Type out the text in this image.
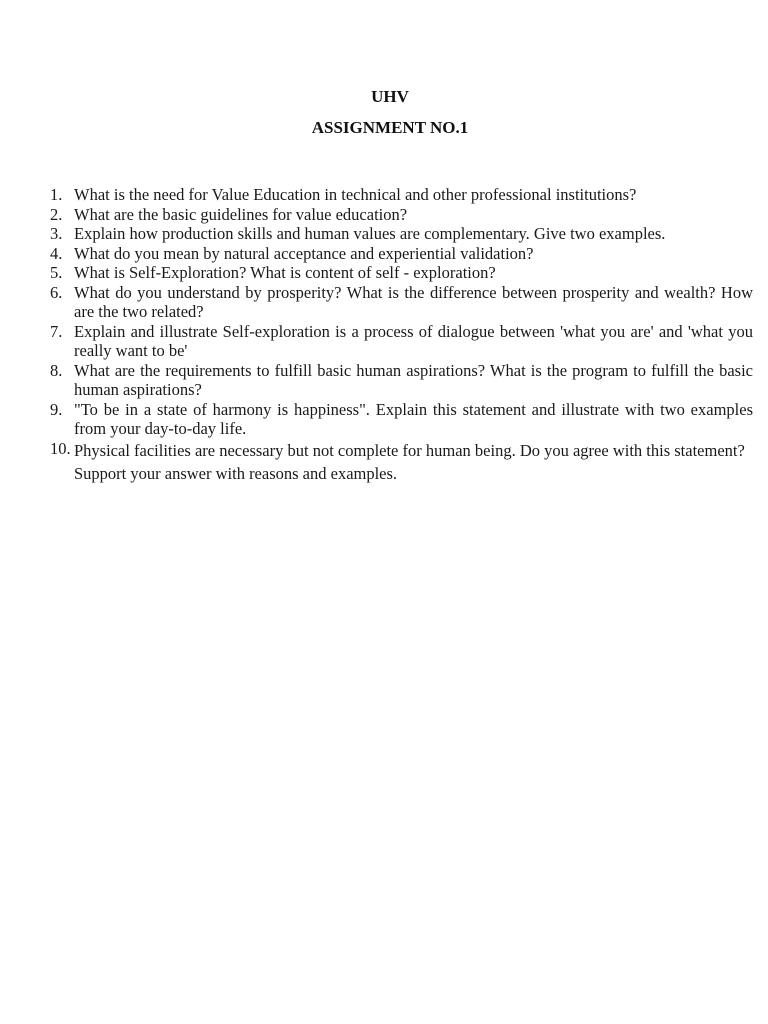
UHV
ASSIGNMENT NO.1
1. What is the need for Value Education in technical and other professional institutions?
2. What are the basic guidelines for value education?
3. Explain how production skills and human values are complementary. Give two examples.
4. What do you mean by natural acceptance and experiential validation?
5. What is Self-Exploration? What is content of self - exploration?
6. What do you understand by prosperity? What is the difference between prosperity and wealth? How are the two related?
7. Explain and illustrate Self-exploration is a process of dialogue between 'what you are' and 'what you really want to be'
8. What are the requirements to fulfill basic human aspirations? What is the program to fulfill the basic human aspirations?
9. "To be in a state of harmony is happiness". Explain this statement and illustrate with two examples from your day-to-day life.
10. Physical facilities are necessary but not complete for human being. Do you agree with this statement? Support your answer with reasons and examples.
